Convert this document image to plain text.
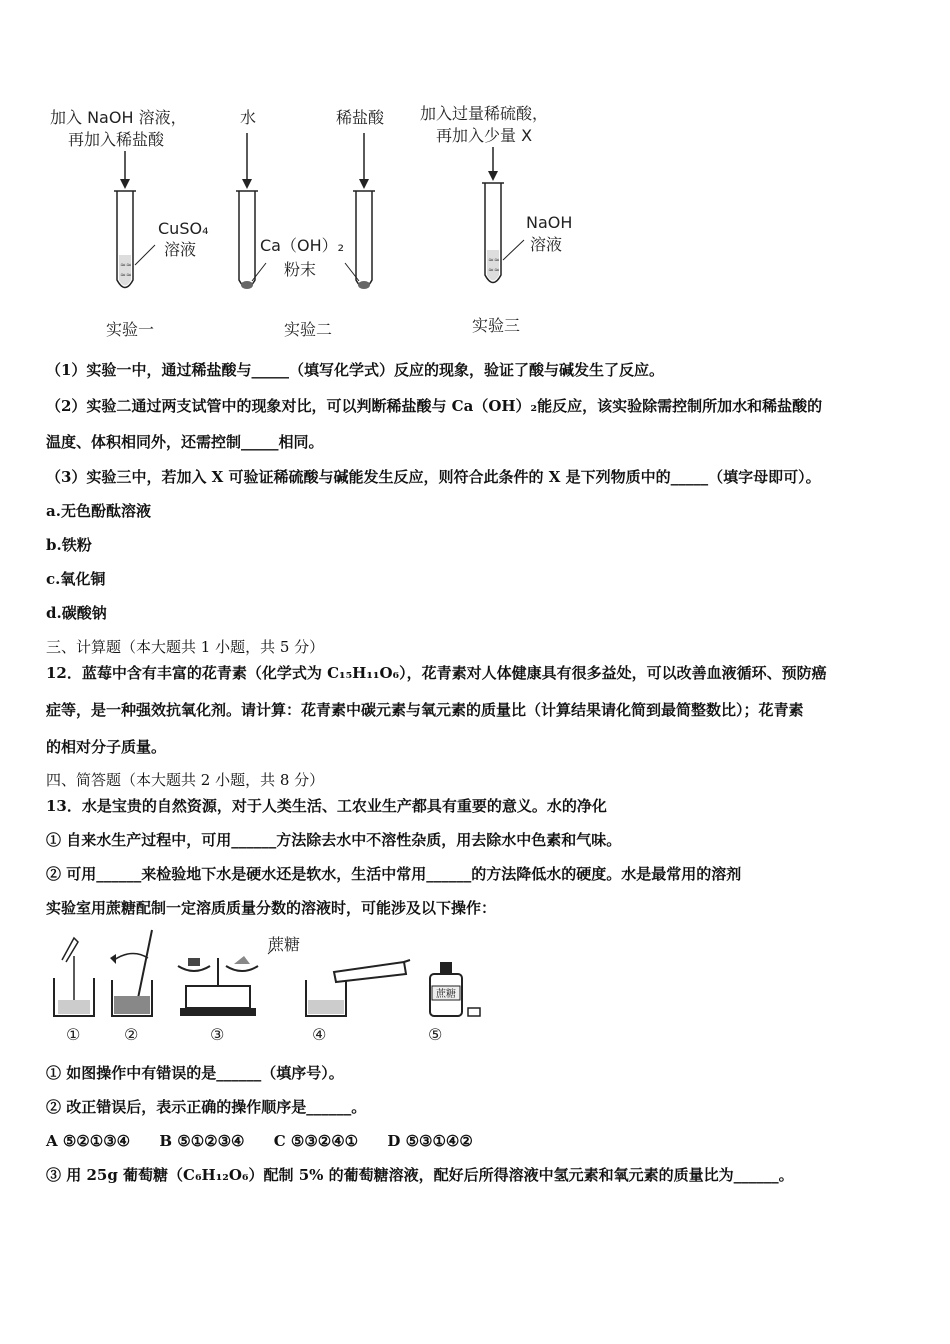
加入 NaOH 溶液，
再加入稀盐酸
≈≈
≈≈
CuSO₄
溶液
实验一
水	稀盐酸
Ca（OH）₂
粉末
实验二
加入过量稀硫酸，
再加入少量 X
≈≈
≈≈
NaOH
溶液
实验三
（1）实验一中，通过稀盐酸与_____（填写化学式）反应的现象，验证了酸与碱发生了反应。
（2）实验二通过两支试管中的现象对比，可以判断稀盐酸与 Ca（OH）₂能反应，该实验除需控制所加水和稀盐酸的
温度、体积相同外，还需控制_____相同。
（3）实验三中，若加入 X 可验证稀硫酸与碱能发生反应，则符合此条件的 X 是下列物质中的_____（填字母即可）。
a.无色酚酞溶液
b.铁粉
c.氧化铜
d.碳酸钠
三、计算题（本大题共 1 小题，共 5 分）
12．蓝莓中含有丰富的花青素（化学式为 C₁₅H₁₁O₆），花青素对人体健康具有很多益处，可以改善血液循环、预防癌
症等，是一种强效抗氧化剂。请计算：花青素中碳元素与氧元素的质量比（计算结果请化简到最简整数比）；花青素
的相对分子质量。
四、简答题（本大题共 2 小题，共 8 分）
13．水是宝贵的自然资源，对于人类生活、工农业生产都具有重要的意义。水的净化
① 自来水生产过程中，可用______方法除去水中不溶性杂质，用去除水中色素和气味。
② 可用______来检验地下水是硬水还是软水，生活中常用______的方法降低水的硬度。水是最常用的溶剂
实验室用蔗糖配制一定溶质质量分数的溶液时，可能涉及以下操作：
蔗糖
蔗糖
①	②	③	④	⑤
① 如图操作中有错误的是______（填序号）。
② 改正错误后，表示正确的操作顺序是______。
A ⑤②①③④ B ⑤①②③④ C ⑤③②④① D ⑤③①④②
③ 用 25g 葡萄糖（C₆H₁₂O₆）配制 5% 的葡萄糖溶液，配好后所得溶液中氢元素和氧元素的质量比为______。
